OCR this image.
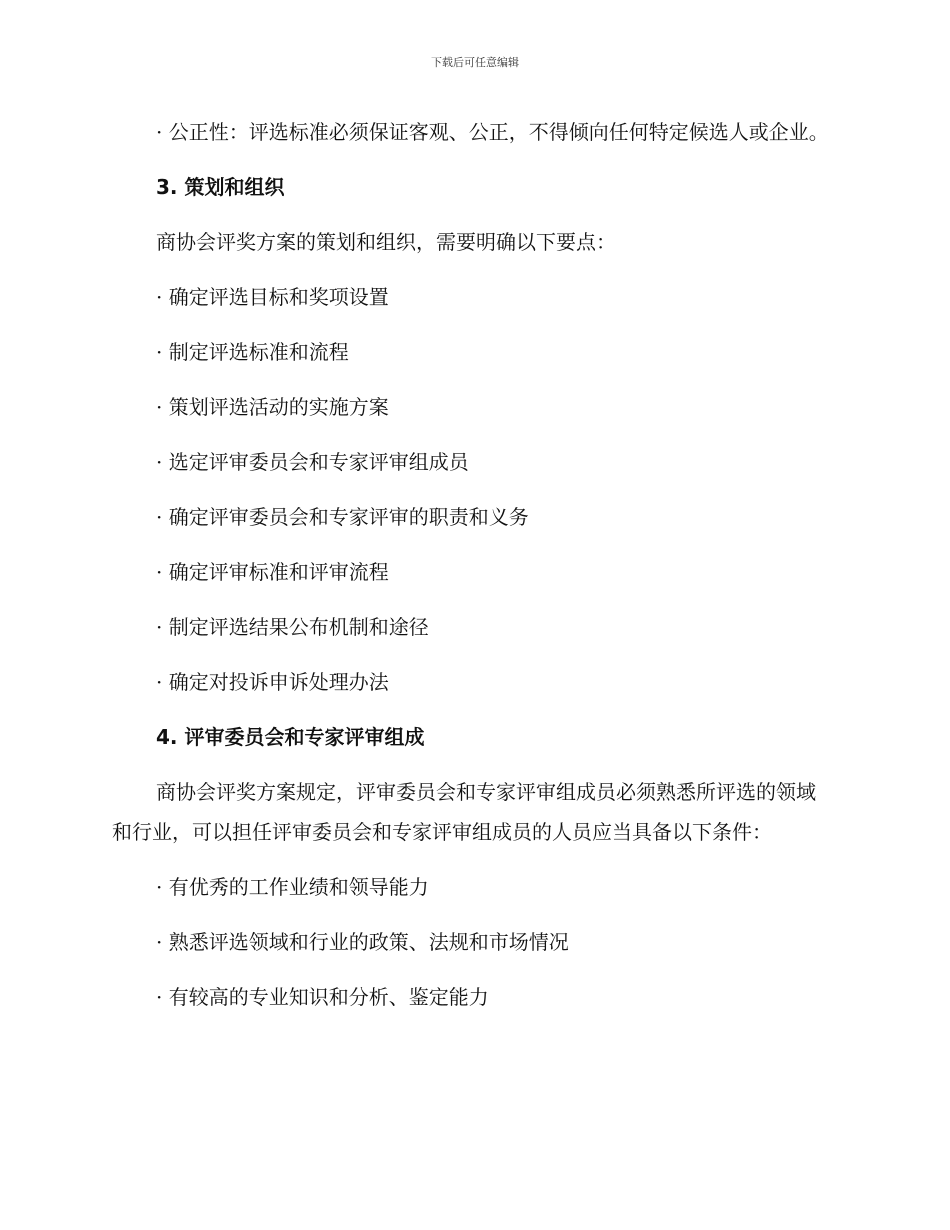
下载后可任意编辑

· 公正性：评选标准必须保证客观、公正，不得倾向任何特定候选人或企业。

3. 策划和组织

商协会评奖方案的策划和组织，需要明确以下要点：

· 确定评选目标和奖项设置
· 制定评选标准和流程
· 策划评选活动的实施方案
· 选定评审委员会和专家评审组成员
· 确定评审委员会和专家评审的职责和义务
· 确定评审标准和评审流程
· 制定评选结果公布机制和途径
· 确定对投诉申诉处理办法
4. 评审委员会和专家评审组成

商协会评奖方案规定，评审委员会和专家评审组成员必须熟悉所评选的领域和行业，可以担任评审委员会和专家评审组成员的人员应当具备以下条件：

· 有优秀的工作业绩和领导能力
· 熟悉评选领域和行业的政策、法规和市场情况
· 有较高的专业知识和分析、鉴定能力
